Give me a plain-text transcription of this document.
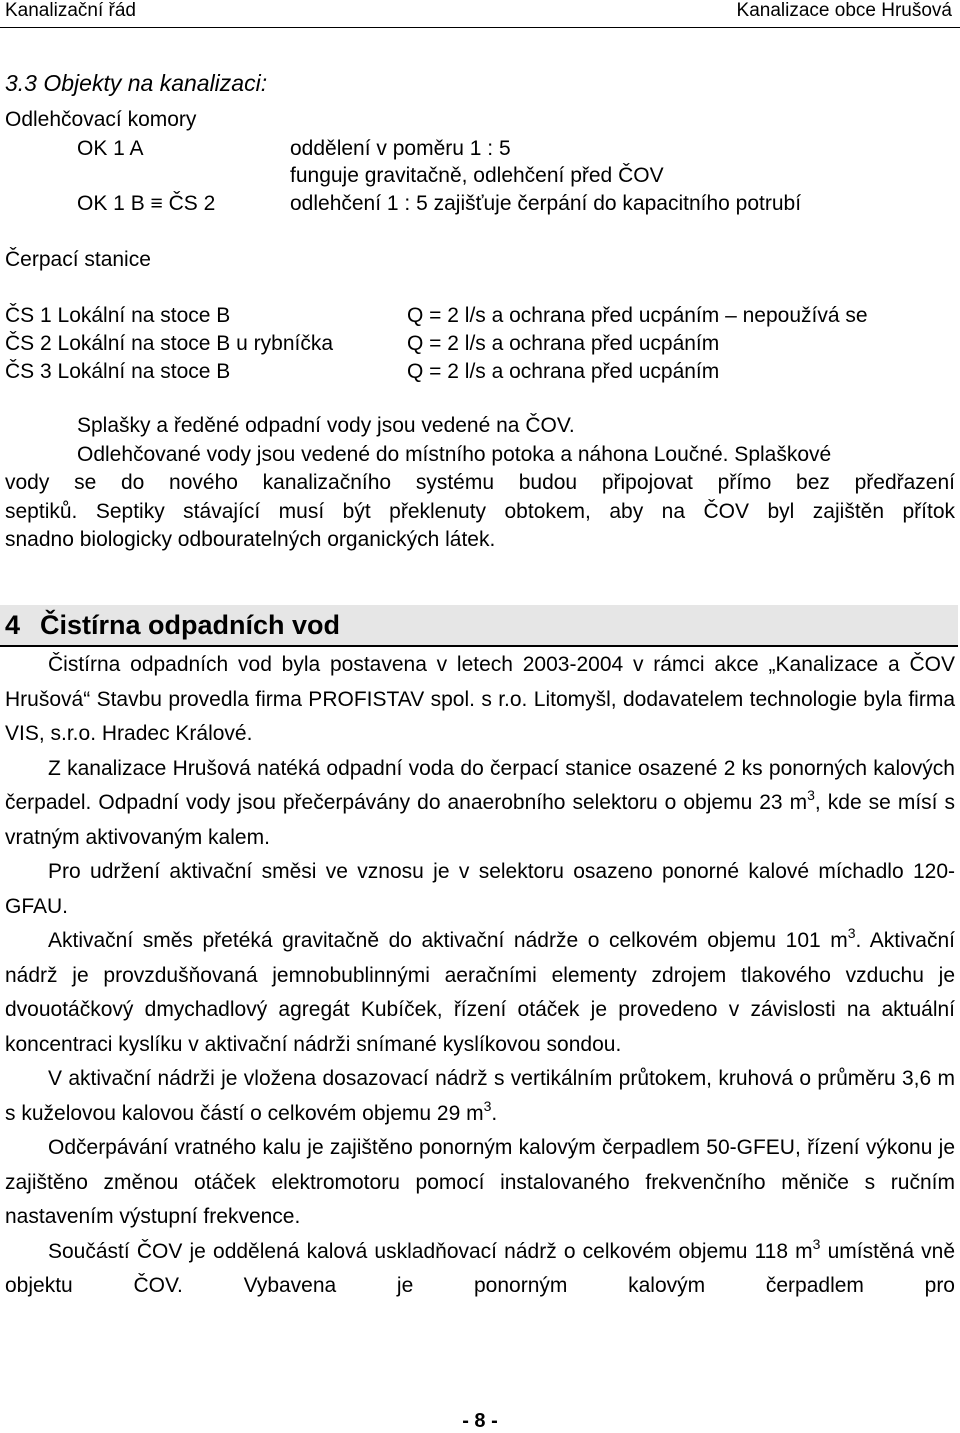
Kanalizační řád	Kanalizace obce Hrušová
3.3 Objekty na kanalizaci:
Odlehčovací komory
OK 1 A	oddělení v poměru 1 : 5
funguje gravitačně, odlehčení před ČOV
OK 1 B ≡ ČS 2	odlehčení 1 : 5 zajišťuje čerpání do kapacitního potrubí
Čerpací stanice
ČS 1 Lokální na stoce B	Q = 2 l/s a ochrana před ucpáním – nepoužívá se
ČS 2 Lokální na stoce B u rybníčka	Q = 2 l/s a ochrana před ucpáním
ČS 3 Lokální na stoce B	Q = 2 l/s a ochrana před ucpáním
Splašky a ředěné odpadní vody jsou vedené na ČOV.
Odlehčované vody jsou vedené do místního potoka a náhona Loučné. Splaškové
vody se do nového kanalizačního systému budou připojovat přímo bez předřazení
septiků. Septiky stávající musí být překlenuty obtokem, aby na ČOV byl zajištěn přítok
snadno biologicky odbouratelných organických látek.
4 Čistírna odpadních vod

Čistírna odpadních vod byla postavena v letech 2003-2004 v rámci akce „Kanalizace a ČOV Hrušová“ Stavbu provedla firma PROFISTAV spol. s r.o. Litomyšl, dodavatelem technologie byla firma VIS, s.r.o. Hradec Králové.

Z kanalizace Hrušová natéká odpadní voda do čerpací stanice osazené 2 ks ponorných kalových čerpadel. Odpadní vody jsou přečerpávány do anaerobního selektoru o objemu 23 $m^3$, kde se mísí s vratným aktivovaným kalem.

Pro udržení aktivační směsi ve vznosu je v selektoru osazeno ponorné kalové míchadlo 120-GFAU.

Aktivační směs přetéká gravitačně do aktivační nádrže o celkovém objemu 101 $m^3$. Aktivační nádrž je provzdušňovaná jemnobublinnými aeračními elementy zdrojem tlakového vzduchu je dvouotáčkový dmychadlový agregát Kubíček, řízení otáček je provedeno v závislosti na aktuální koncentraci kyslíku v aktivační nádrži snímané kyslíkovou sondou.

V aktivační nádrži je vložena dosazovací nádrž s vertikálním průtokem, kruhová o průměru 3,6 m s kuželovou kalovou částí o celkovém objemu 29 $m^3$.

Odčerpávání vratného kalu je zajištěno ponorným kalovým čerpadlem 50-GFEU, řízení výkonu je zajištěno změnou otáček elektromotoru pomocí instalovaného frekvenčního měniče s ručním nastavením výstupní frekvence.

Součástí ČOV je oddělená kalová uskladňovací nádrž o celkovém objemu 118 $m^3$ umístěná vně objektu ČOV. Vybavena je ponorným kalovým čerpadlem pro

- 8 -
